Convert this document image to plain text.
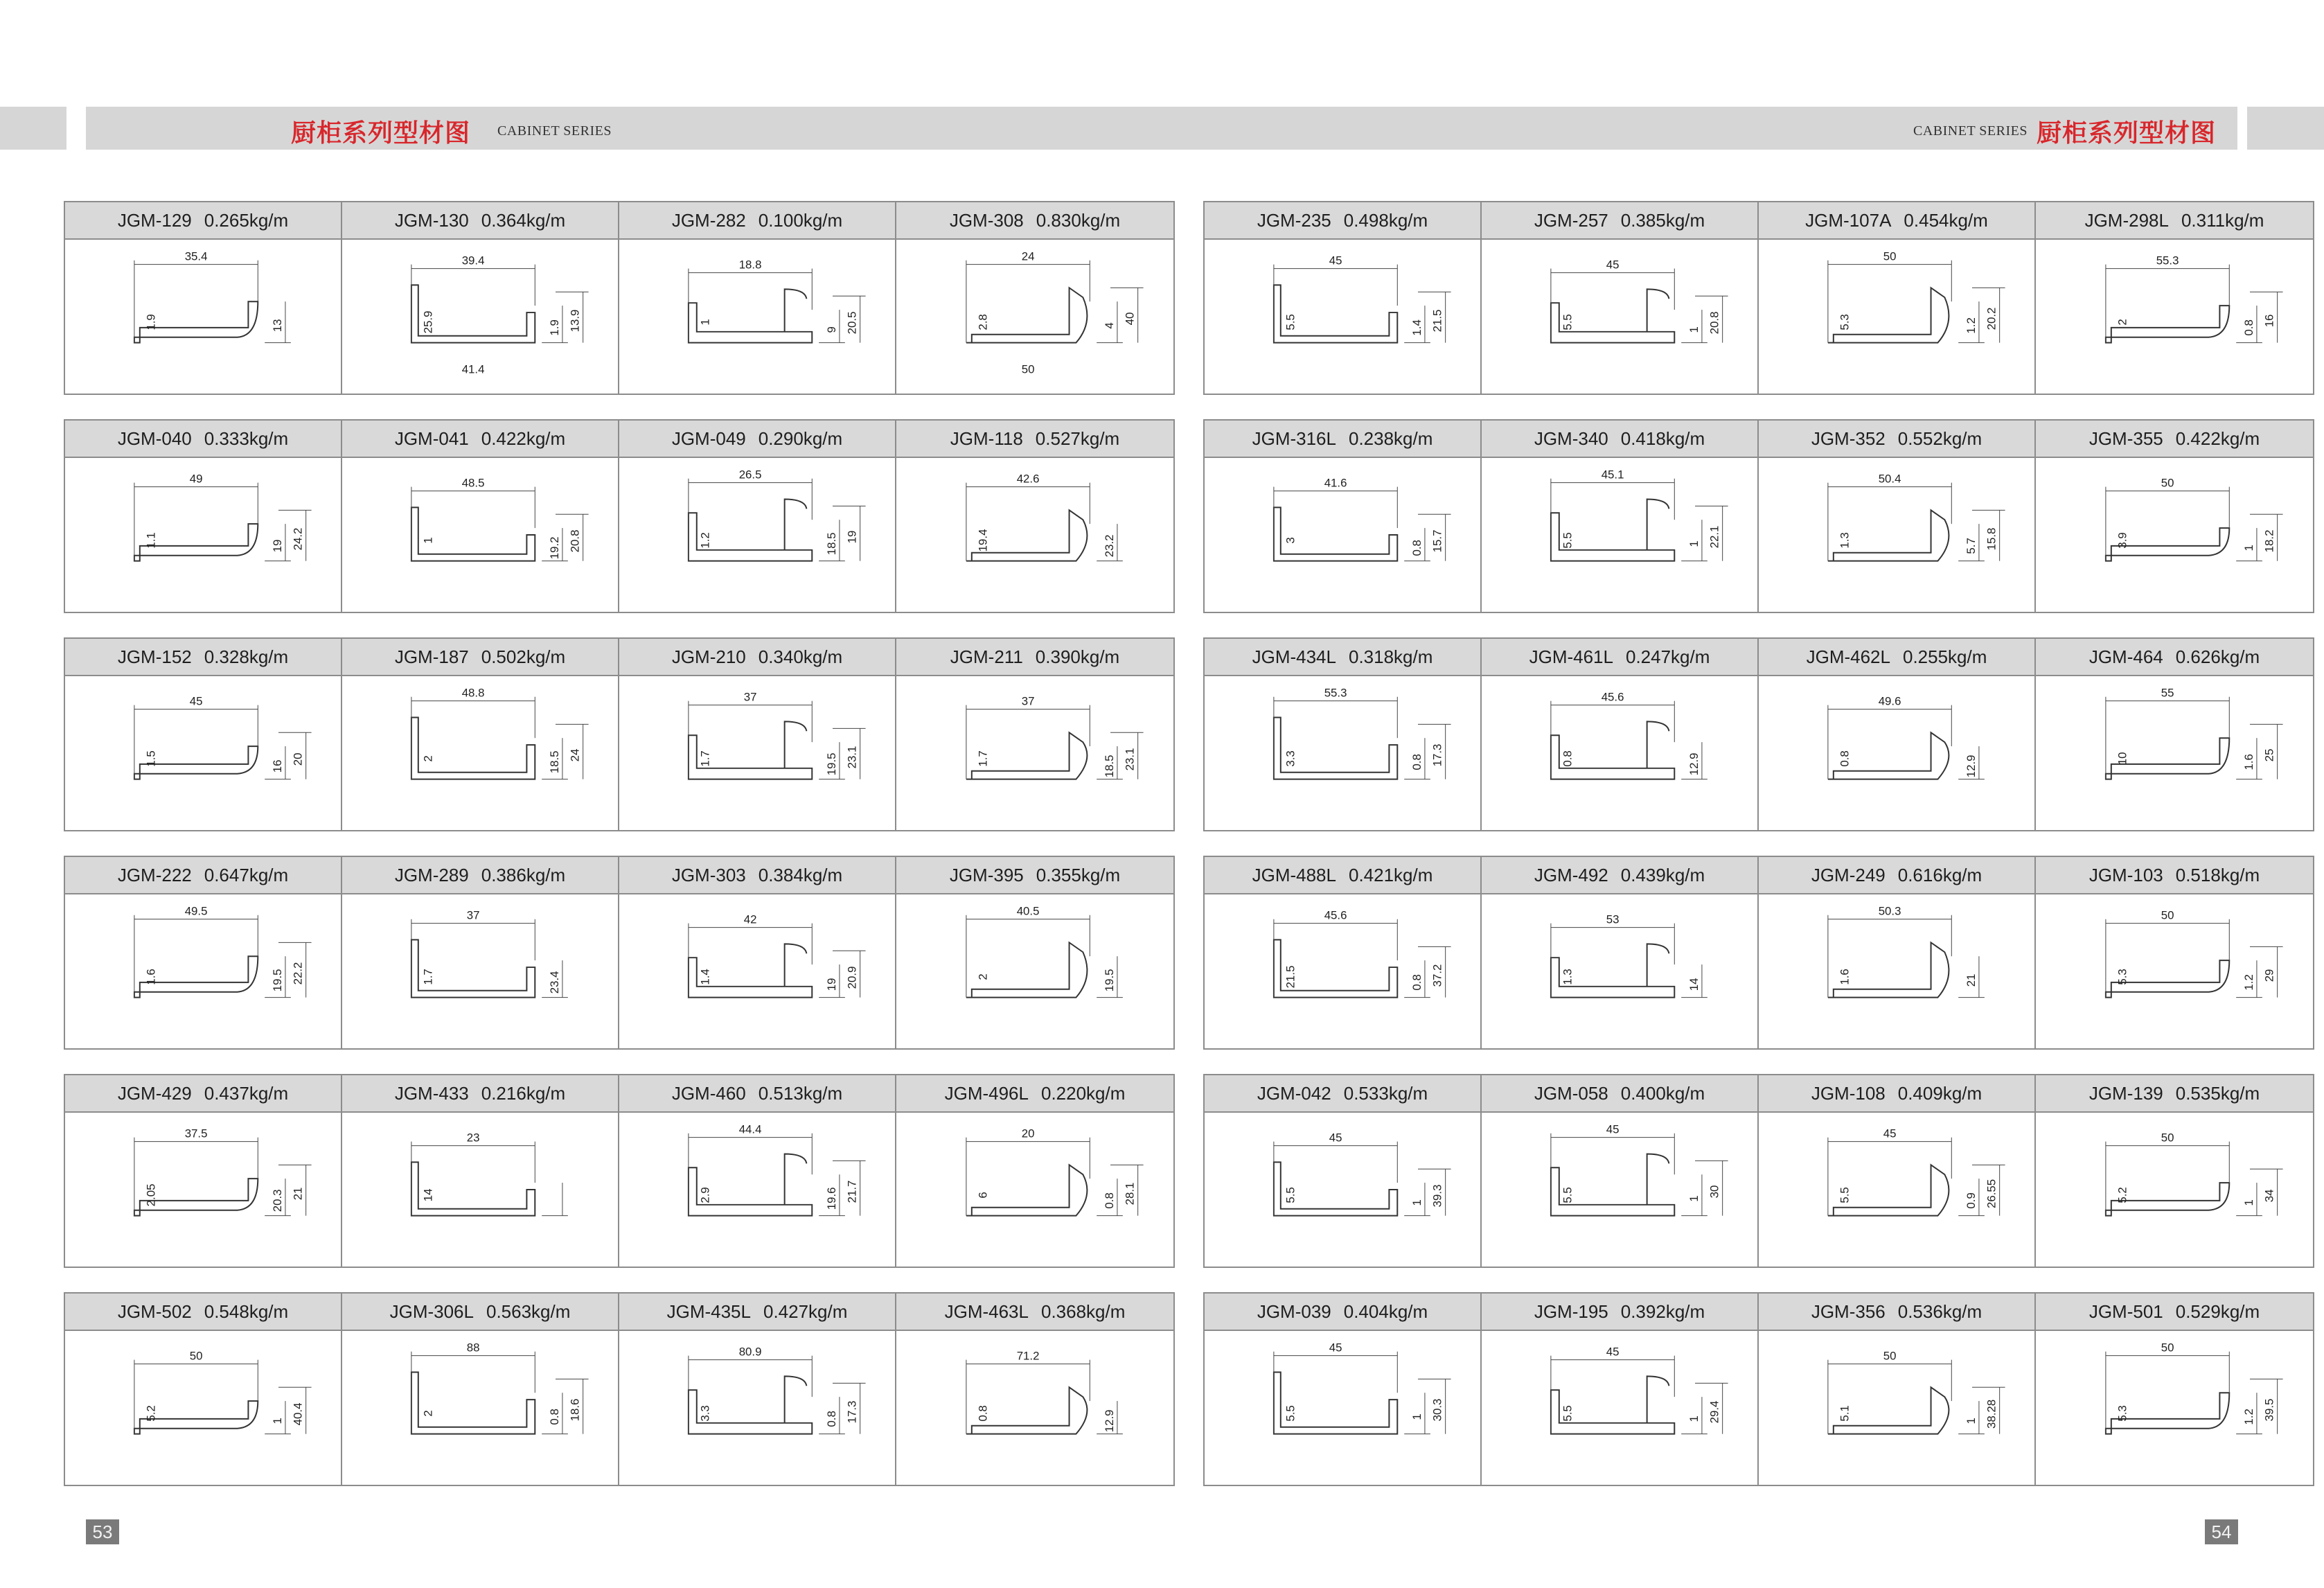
厨柜系列型材图 CABINET SERIES	CABINET SERIES 厨柜系列型材图
JGM-129 0.265kg/m
35.4
1.9	13
JGM-130 0.364kg/m
39.4
25.9	1.9 13.9
41.4
JGM-282 0.100kg/m
18.8
1
9 20.5
JGM-308 0.830kg/m
24
2.8	4
40
50
JGM-040 0.333kg/m
49
1.1	19 24.2
JGM-041 0.422kg/m
48.5
1	19.2 20.8
JGM-049 0.290kg/m
26.5
1.2	18.5 19
JGM-118 0.527kg/m
42.6
19.4	23.2
JGM-152 0.328kg/m
45
1.5	16
20
JGM-187 0.502kg/m
48.8
2	18.5 24
JGM-210 0.340kg/m
37
1.7	19.5 23.1
JGM-211 0.390kg/m
37
1.7	18.5 23.1
JGM-222 0.647kg/m
49.5
1.6	19.5 22.2
JGM-289 0.386kg/m
37
1.7	23.4
JGM-303 0.384kg/m
42
1.4	19 20.9
JGM-395 0.355kg/m
40.5
2	19.5
JGM-429 0.437kg/m
37.5
2.05	20.3 21
JGM-433 0.216kg/m
23
14
JGM-460 0.513kg/m
44.4
2.9	19.6 21.7
JGM-496L 0.220kg/m
20
6	0.8 28.1
JGM-502 0.548kg/m
50
5.2	1 40.4
JGM-306L 0.563kg/m
88
2	0.8 18.6
JGM-435L 0.427kg/m
80.9
3.3	0.8 17.3
JGM-463L 0.368kg/m
71.2
0.8	12.9
JGM-235 0.498kg/m
45
5.5	1.4 21.5
JGM-257 0.385kg/m
45
5.5	1 20.8
JGM-107A 0.454kg/m
50
5.3	1.2 20.2
JGM-298L 0.311kg/m
55.3
2	0.8 16
JGM-316L 0.238kg/m
41.6
3	0.8 15.7
JGM-340 0.418kg/m
45.1
5.5	1 22.1
JGM-352 0.552kg/m
50.4
1.3	5.7 15.8
JGM-355 0.422kg/m
50
3.9	1 18.2
JGM-434L 0.318kg/m
55.3
3.3	0.8 17.3
JGM-461L 0.247kg/m
45.6
0.8	12.9
JGM-462L 0.255kg/m
49.6
0.8	12.9
JGM-464 0.626kg/m
55
10	1.6 25
JGM-488L 0.421kg/m
45.6
21.5	0.8 37.2
JGM-492 0.439kg/m
53
1.3	14
JGM-249 0.616kg/m
50.3
1.6	21
JGM-103 0.518kg/m
50
5.3	1.2 29
JGM-042 0.533kg/m
45
5.5	1 39.3
JGM-058 0.400kg/m
45
5.5	1
30
JGM-108 0.409kg/m
45
5.5	0.9 26.55
JGM-139 0.535kg/m
50
5.2	1
34
JGM-039 0.404kg/m
45
5.5	1 30.3
JGM-195 0.392kg/m
45
5.5	1 29.4
JGM-356 0.536kg/m
50
5.1	1 38.28
JGM-501 0.529kg/m
50
5.3	1.2 39.5
53	54
